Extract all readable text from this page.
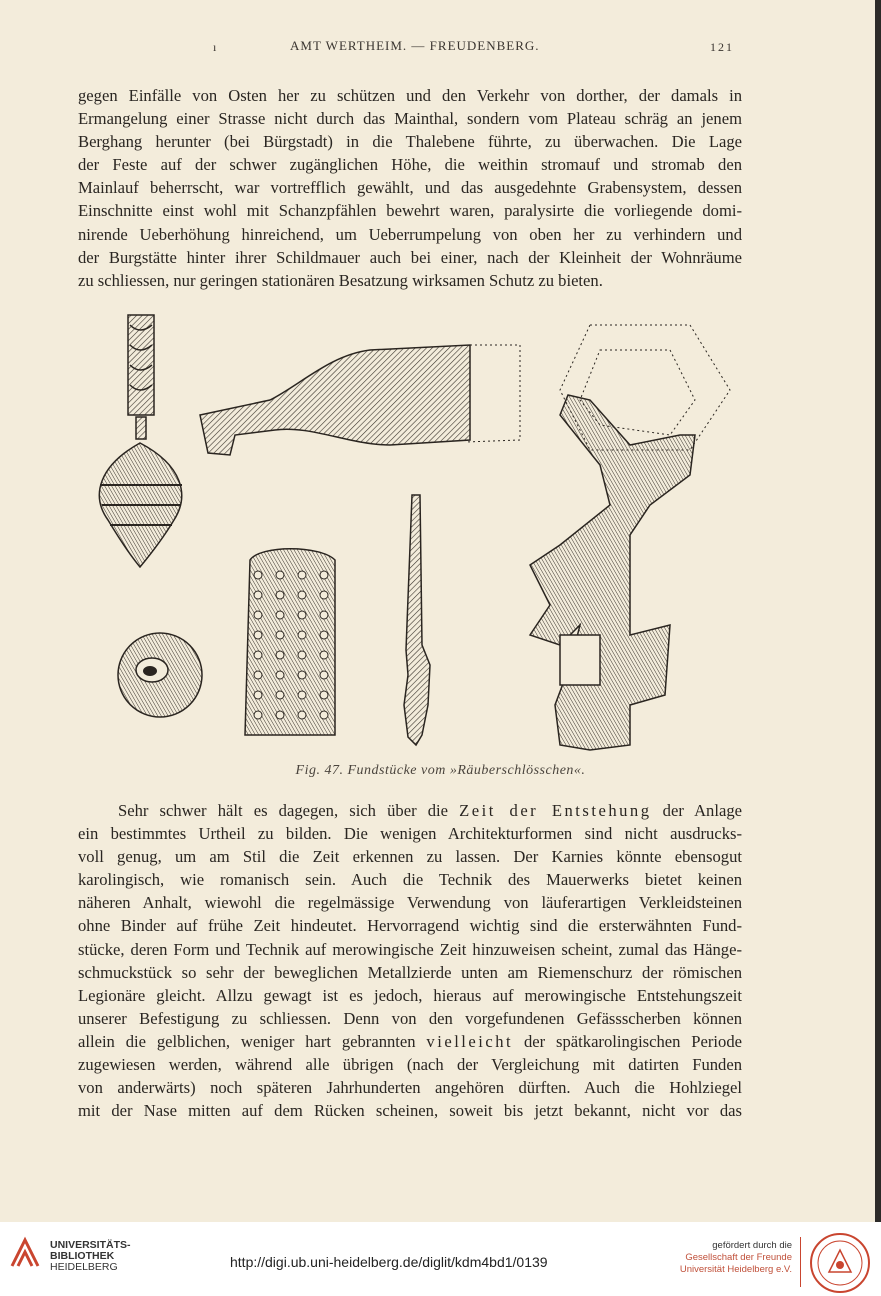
ı	AMT WERTHEIM. — FREUDENBERG.	121
gegen Einfälle von Osten her zu schützen und den Verkehr von dorther, der damals in
Ermangelung einer Strasse nicht durch das Mainthal, sondern vom Plateau schräg an jenem
Berghang herunter (bei Bürgstadt) in die Thalebene führte, zu überwachen. Die Lage
der Feste auf der schwer zugänglichen Höhe, die weithin stromauf und stromab den
Mainlauf beherrscht, war vortrefflich gewählt, und das ausgedehnte Grabensystem, dessen
Einschnitte einst wohl mit Schanzpfählen bewehrt waren, paralysirte die vorliegende domi-
nirende Ueberhöhung hinreichend, um Ueberrumpelung von oben her zu verhindern und
der Burgstätte hinter ihrer Schildmauer auch bei einer, nach der Kleinheit der Wohnräume
zu schliessen, nur geringen stationären Besatzung wirksamen Schutz zu bieten.
Fig. 47. Fundstücke vom »Räuberschlösschen«.
Sehr schwer hält es dagegen, sich über die Zeit der Entstehung der Anlage
ein bestimmtes Urtheil zu bilden. Die wenigen Architekturformen sind nicht ausdrucks-
voll genug, um am Stil die Zeit erkennen zu lassen. Der Karnies könnte ebensogut
karolingisch, wie romanisch sein. Auch die Technik des Mauerwerks bietet keinen
näheren Anhalt, wiewohl die regelmässige Verwendung von läuferartigen Verkleidsteinen
ohne Binder auf frühe Zeit hindeutet. Hervorragend wichtig sind die ersterwähnten Fund-
stücke, deren Form und Technik auf merowingische Zeit hinzuweisen scheint, zumal das Hänge-
schmuckstück so sehr der beweglichen Metallzierde unten am Riemenschurz der römischen
Legionäre gleicht. Allzu gewagt ist es jedoch, hieraus auf merowingische Entstehungszeit
unserer Befestigung zu schliessen. Denn von den vorgefundenen Gefässscherben können
allein die gelblichen, weniger hart gebrannten vielleicht der spätkarolingischen Periode
zugewiesen werden, während alle übrigen (nach der Vergleichung mit datirten Funden
von anderwärts) noch späteren Jahrhunderten angehören dürften. Auch die Hohlziegel
mit der Nase mitten auf dem Rücken scheinen, soweit bis jetzt bekannt, nicht vor das
UNIVERSITÄTS-
BIBLIOTHEK
HEIDELBERG	http://digi.ub.uni-heidelberg.de/diglit/kdm4bd1/0139
gefördert durch die

Gesellschaft der Freunde
Universität Heidelberg e.V.
